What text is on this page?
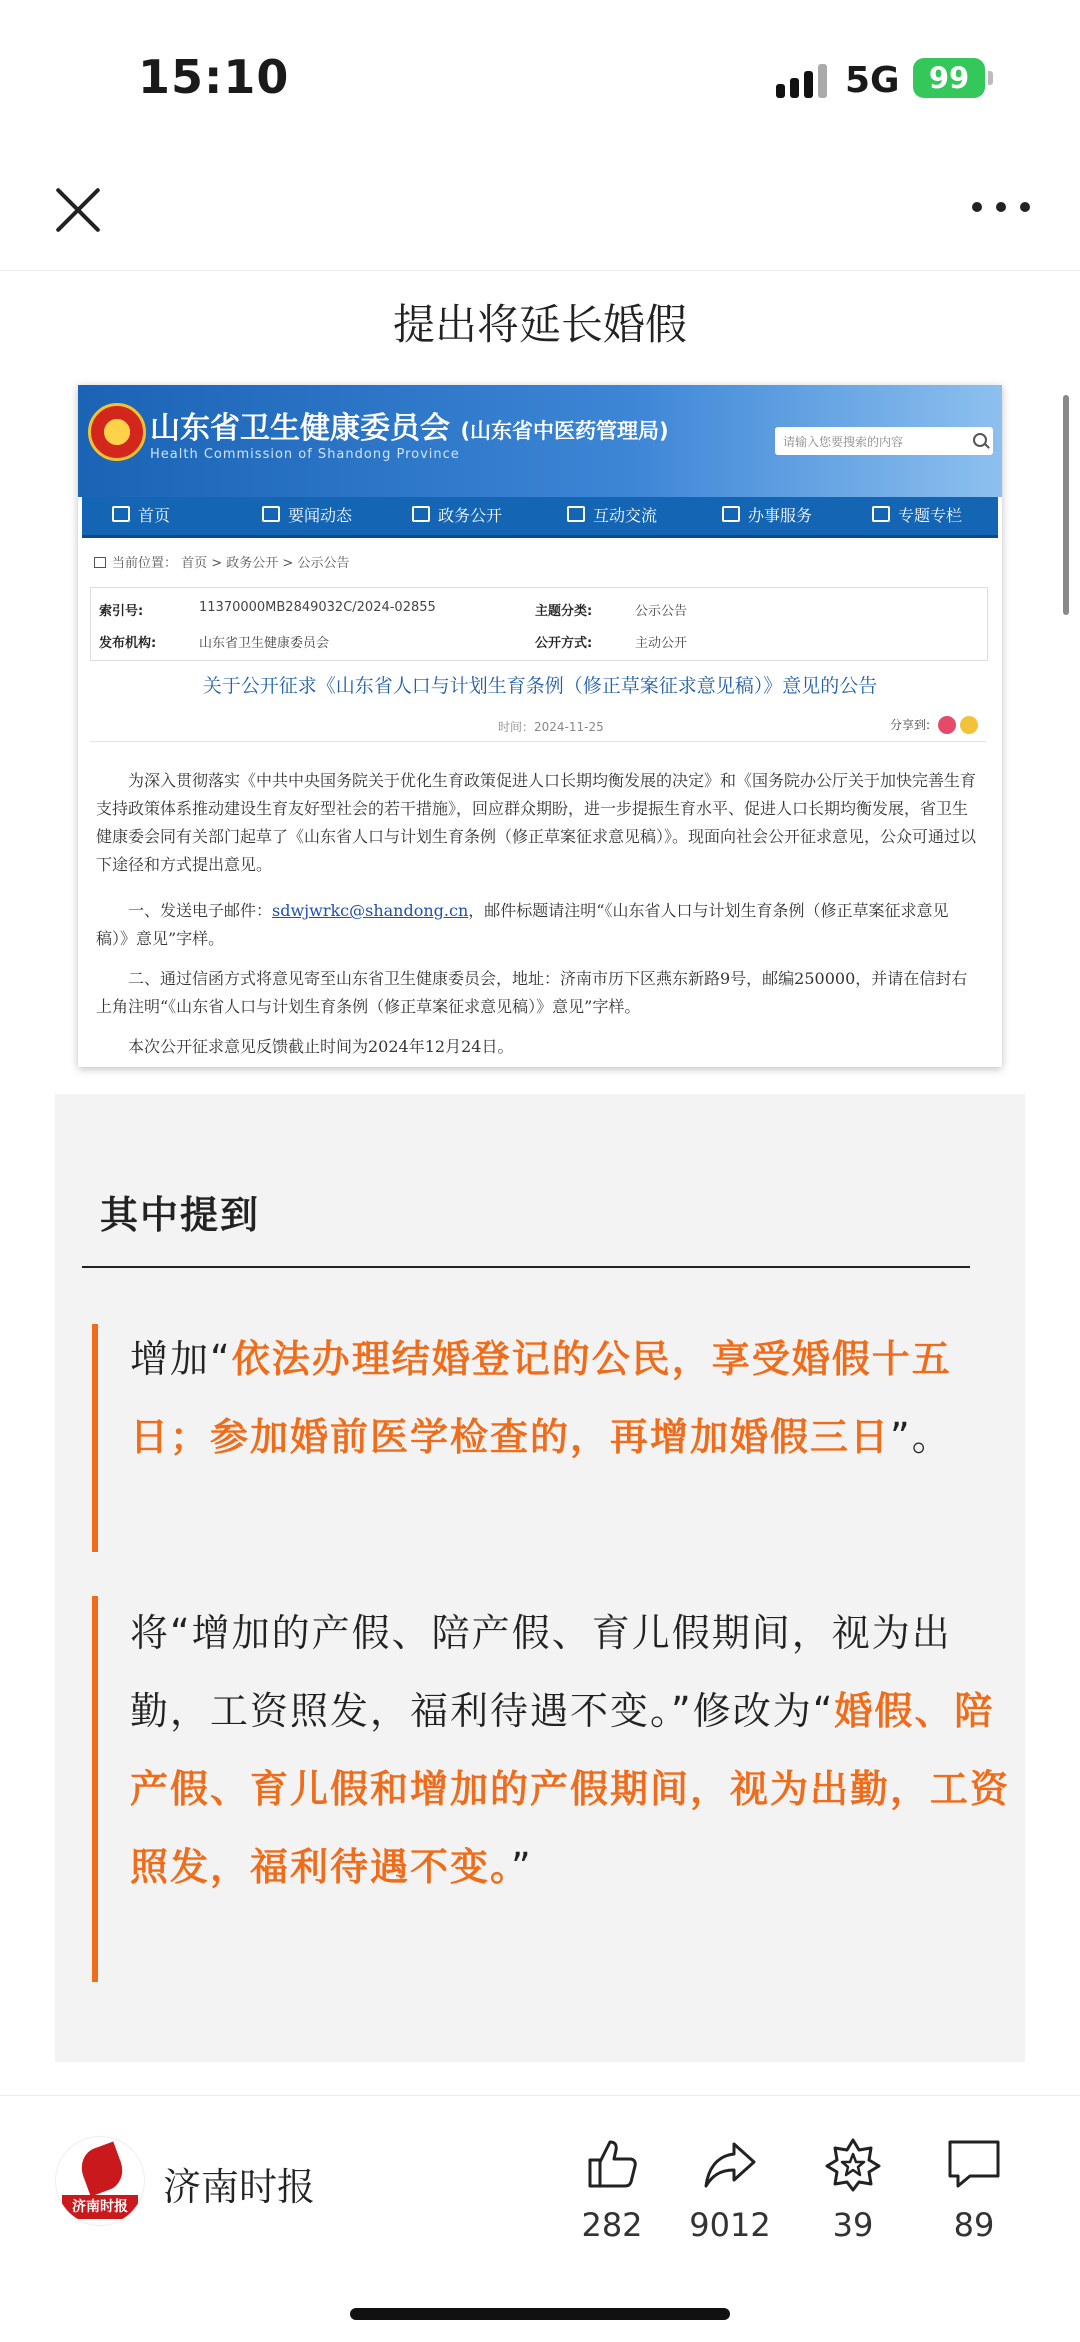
15:10	5G	99
提出将延长婚假
山东省卫生健康委员会 (山东省中医药管理局)
Health Commission of Shandong Province
请输入您要搜索的内容
首页	要闻动态	政务公开	互动交流	办事服务	专题专栏
当前位置： 首页 > 政务公开 > 公示公告
索引号:	11370000MB2849032C/2024-02855	主题分类:	公示公告
发布机构:	山东省卫生健康委员会	公开方式:	主动公开
关于公开征求《山东省人口与计划生育条例（修正草案征求意见稿）》意见的公告
时间：2024-11-25	分享到:
为深入贯彻落实《中共中央国务院关于优化生育政策促进人口长期均衡发展的决定》和《国务院办公厅关于加快完善生育支持政策体系推动建设生育友好型社会的若干措施》，回应群众期盼，进一步提振生育水平、促进人口长期均衡发展，省卫生健康委会同有关部门起草了《山东省人口与计划生育条例（修正草案征求意见稿）》。现面向社会公开征求意见，公众可通过以下途径和方式提出意见。
一、发送电子邮件：sdwjwrkc@shandong.cn，邮件标题请注明“《山东省人口与计划生育条例（修正草案征求意见稿）》意见”字样。
二、通过信函方式将意见寄至山东省卫生健康委员会，地址：济南市历下区燕东新路9号，邮编250000，并请在信封右上角注明“《山东省人口与计划生育条例（修正草案征求意见稿）》意见”字样。
本次公开征求意见反馈截止时间为2024年12月24日。
其中提到
增加“依法办理结婚登记的公民，享受婚假十五日；参加婚前医学检查的，再增加婚假三日”。
将“增加的产假、陪产假、育儿假期间，视为出勤，工资照发，福利待遇不变。”修改为“婚假、陪产假、育儿假和增加的产假期间，视为出勤，工资照发，福利待遇不变。”
济南时报 济南时报
282	9012	39	89
